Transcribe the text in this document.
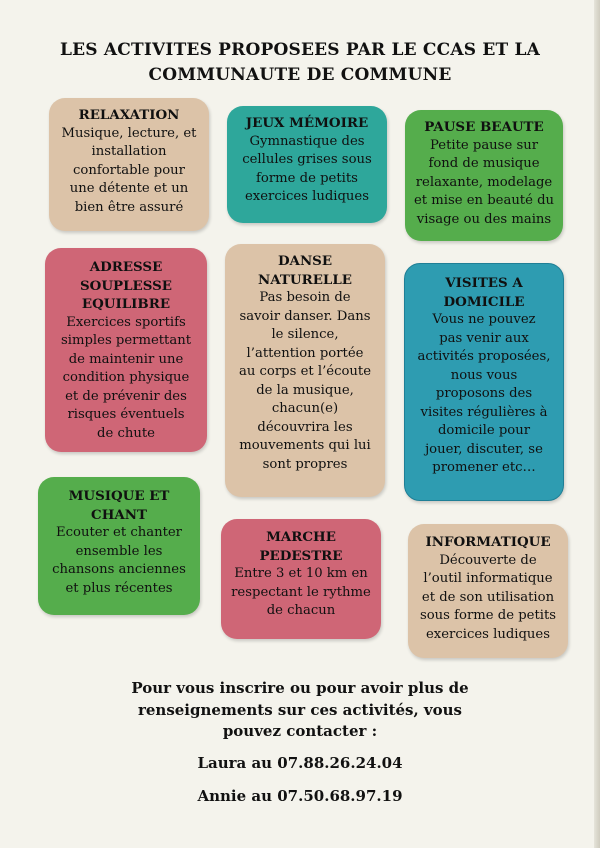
LES ACTIVITES PROPOSEES PAR LE CCAS ET LA
COMMUNAUTE DE COMMUNE
RELAXATION
Musique, lecture, et
installation
confortable pour
une détente et un
bien être assuré
JEUX MÉMOIRE
Gymnastique des
cellules grises sous
forme de petits
exercices ludiques
PAUSE BEAUTE
Petite pause sur
fond de musique
relaxante, modelage
et mise en beauté du
visage ou des mains
ADRESSE
SOUPLESSE
EQUILIBRE
Exercices sportifs
simples permettant
de maintenir une
condition physique
et de prévenir des
risques éventuels
de chute
DANSE
NATURELLE
Pas besoin de
savoir danser. Dans
le silence,
l’attention portée
au corps et l’écoute
de la musique,
chacun(e)
découvrira les
mouvements qui lui
sont propres
VISITES A
DOMICILE
Vous ne pouvez
pas venir aux
activités proposées,
nous vous
proposons des
visites régulières à
domicile pour
jouer, discuter, se
promener etc…
MUSIQUE ET
CHANT
Ecouter et chanter
ensemble les
chansons anciennes
et plus récentes
MARCHE
PEDESTRE
Entre 3 et 10 km en
respectant le rythme
de chacun
INFORMATIQUE
Découverte de
l’outil informatique
et de son utilisation
sous forme de petits
exercices ludiques
Pour vous inscrire ou pour avoir plus de
renseignements sur ces activités, vous
pouvez contacter :
Laura au 07.88.26.24.04
Annie au 07.50.68.97.19
